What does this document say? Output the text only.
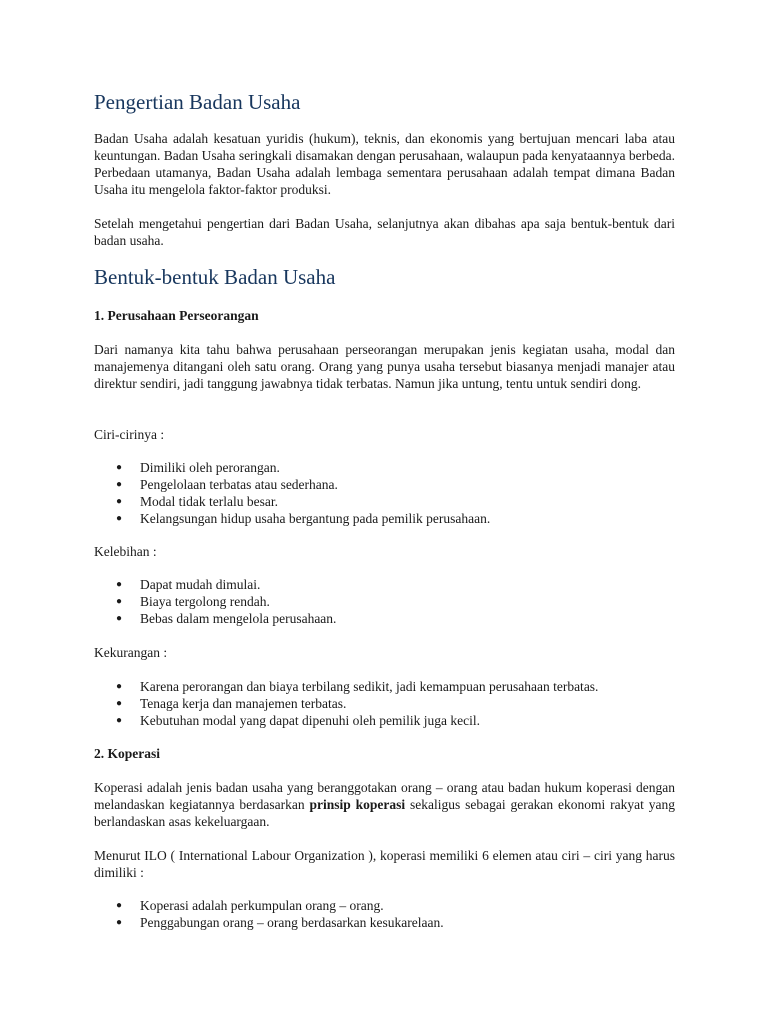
Pengertian Badan Usaha

Badan Usaha adalah kesatuan yuridis (hukum), teknis, dan ekonomis yang bertujuan mencari laba atau keuntungan. Badan Usaha seringkali disamakan dengan perusahaan, walaupun pada kenyataannya berbeda. Perbedaan utamanya, Badan Usaha adalah lembaga sementara perusahaan adalah tempat dimana Badan Usaha itu mengelola faktor-faktor produksi.

Setelah mengetahui pengertian dari Badan Usaha, selanjutnya akan dibahas apa saja bentuk-bentuk dari badan usaha.

Bentuk-bentuk Badan Usaha
1. Perusahaan Perseorangan

Dari namanya kita tahu bahwa perusahaan perseorangan merupakan jenis kegiatan usaha, modal dan manajemenya ditangani oleh satu orang. Orang yang punya usaha tersebut biasanya menjadi manajer atau direktur sendiri, jadi tanggung jawabnya tidak terbatas. Namun jika untung, tentu untuk sendiri dong.

Ciri-cirinya :

● Dimiliki oleh perorangan.
● Pengelolaan terbatas atau sederhana.
● Modal tidak terlalu besar.
● Kelangsungan hidup usaha bergantung pada pemilik perusahaan.

Kelebihan :

● Dapat mudah dimulai.
● Biaya tergolong rendah.
● Bebas dalam mengelola perusahaan.

Kekurangan :

● Karena perorangan dan biaya terbilang sedikit, jadi kemampuan perusahaan terbatas.
● Tenaga kerja dan manajemen terbatas.
● Kebutuhan modal yang dapat dipenuhi oleh pemilik juga kecil.
2. Koperasi

Koperasi adalah jenis badan usaha yang beranggotakan orang – orang atau badan hukum koperasi dengan melandaskan kegiatannya berdasarkan prinsip koperasi sekaligus sebagai gerakan ekonomi rakyat yang berlandaskan asas kekeluargaan.

Menurut ILO ( International Labour Organization ), koperasi memiliki 6 elemen atau ciri – ciri yang harus dimiliki :

● Koperasi adalah perkumpulan orang – orang.
● Penggabungan orang – orang berdasarkan kesukarelaan.
